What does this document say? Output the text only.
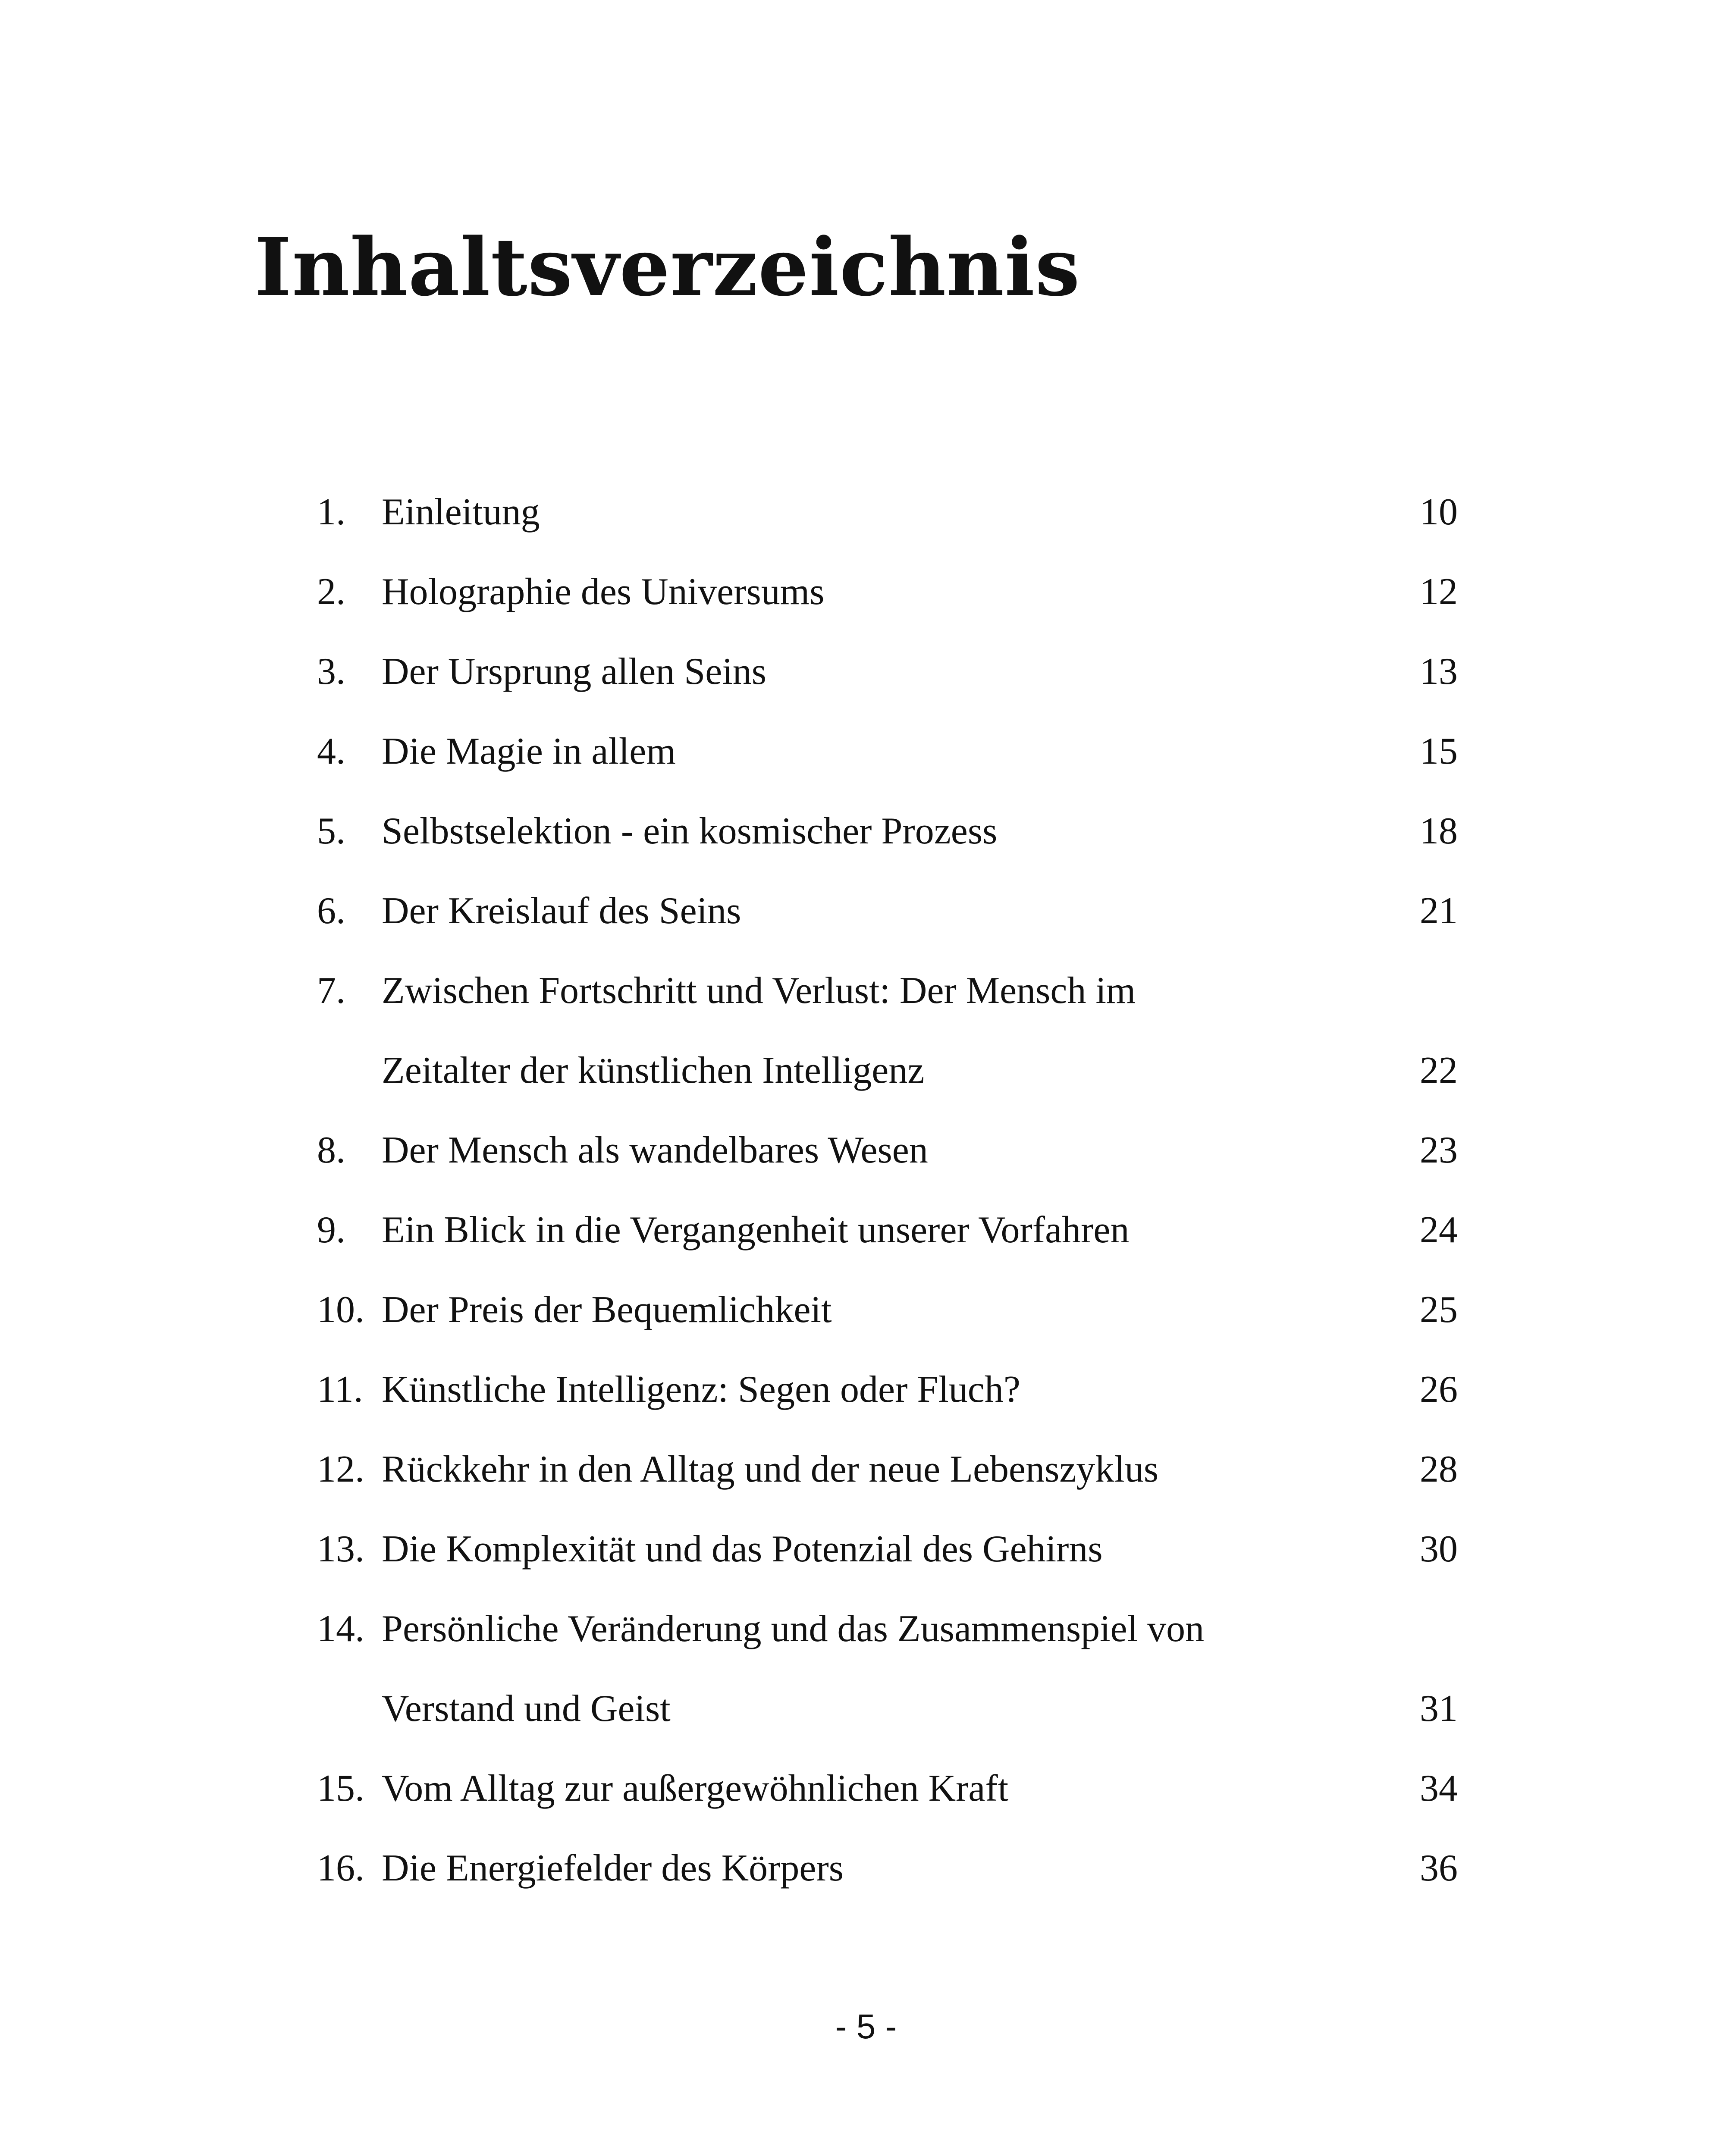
Inhaltsverzeichnis
1. Einleitung	10
2. Holographie des Universums	12
3. Der Ursprung allen Seins	13
4. Die Magie in allem	15
5. Selbstselektion - ein kosmischer Prozess	18
6. Der Kreislauf des Seins	21
7. Zwischen Fortschritt und Verlust: Der Mensch im
Zeitalter der künstlichen Intelligenz	22
8. Der Mensch als wandelbares Wesen	23
9. Ein Blick in die Vergangenheit unserer Vorfahren	24
10. Der Preis der Bequemlichkeit	25
11. Künstliche Intelligenz: Segen oder Fluch?	26
12. Rückkehr in den Alltag und der neue Lebenszyklus	28
13. Die Komplexität und das Potenzial des Gehirns	30
14. Persönliche Veränderung und das Zusammenspiel von
Verstand und Geist	31
15. Vom Alltag zur außergewöhnlichen Kraft	34
16. Die Energiefelder des Körpers	36
- 5 -
